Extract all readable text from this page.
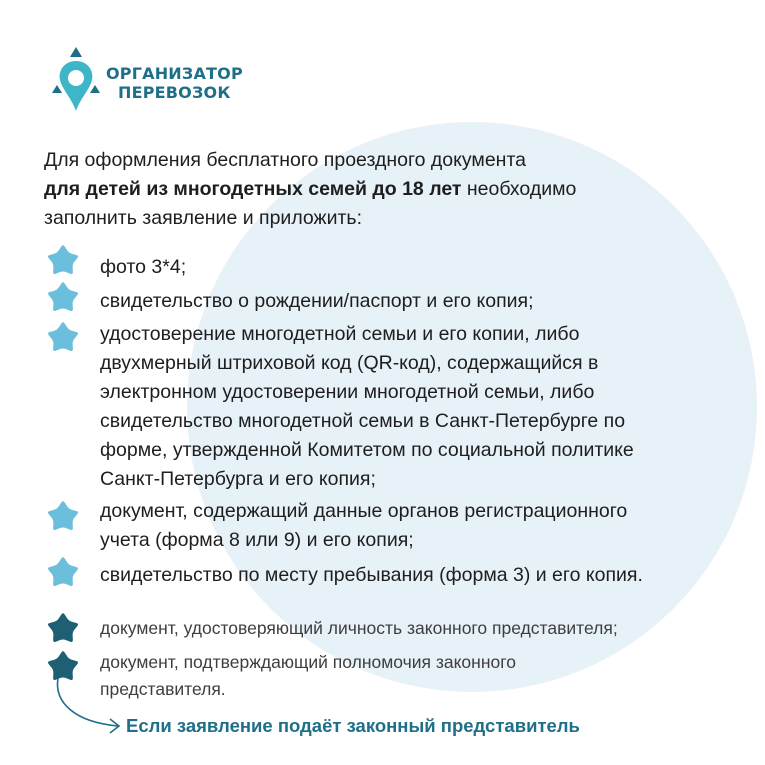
ОРГАНИЗАТОР
ПЕРЕВОЗОК
Для оформления бесплатного проездного документа
для детей из многодетных семей до 18 лет необходимо
заполнить заявление и приложить:
фото 3*4;
свидетельство о рождении/паспорт и его копия;
удостоверение многодетной семьи и его копии, либо
двухмерный штриховой код (QR-код), содержащийся в
электронном удостоверении многодетной семьи, либо
свидетельство многодетной семьи в Санкт-Петербурге по
форме, утвержденной Комитетом по социальной политике
Санкт-Петербурга и его копия;
документ, содержащий данные органов регистрационного
учета (форма 8 или 9) и его копия;
свидетельство по месту пребывания (форма 3) и его копия.
документ, удостоверяющий личность законного представителя;
документ, подтверждающий полномочия законного
представителя.
Если заявление подаёт законный представитель
